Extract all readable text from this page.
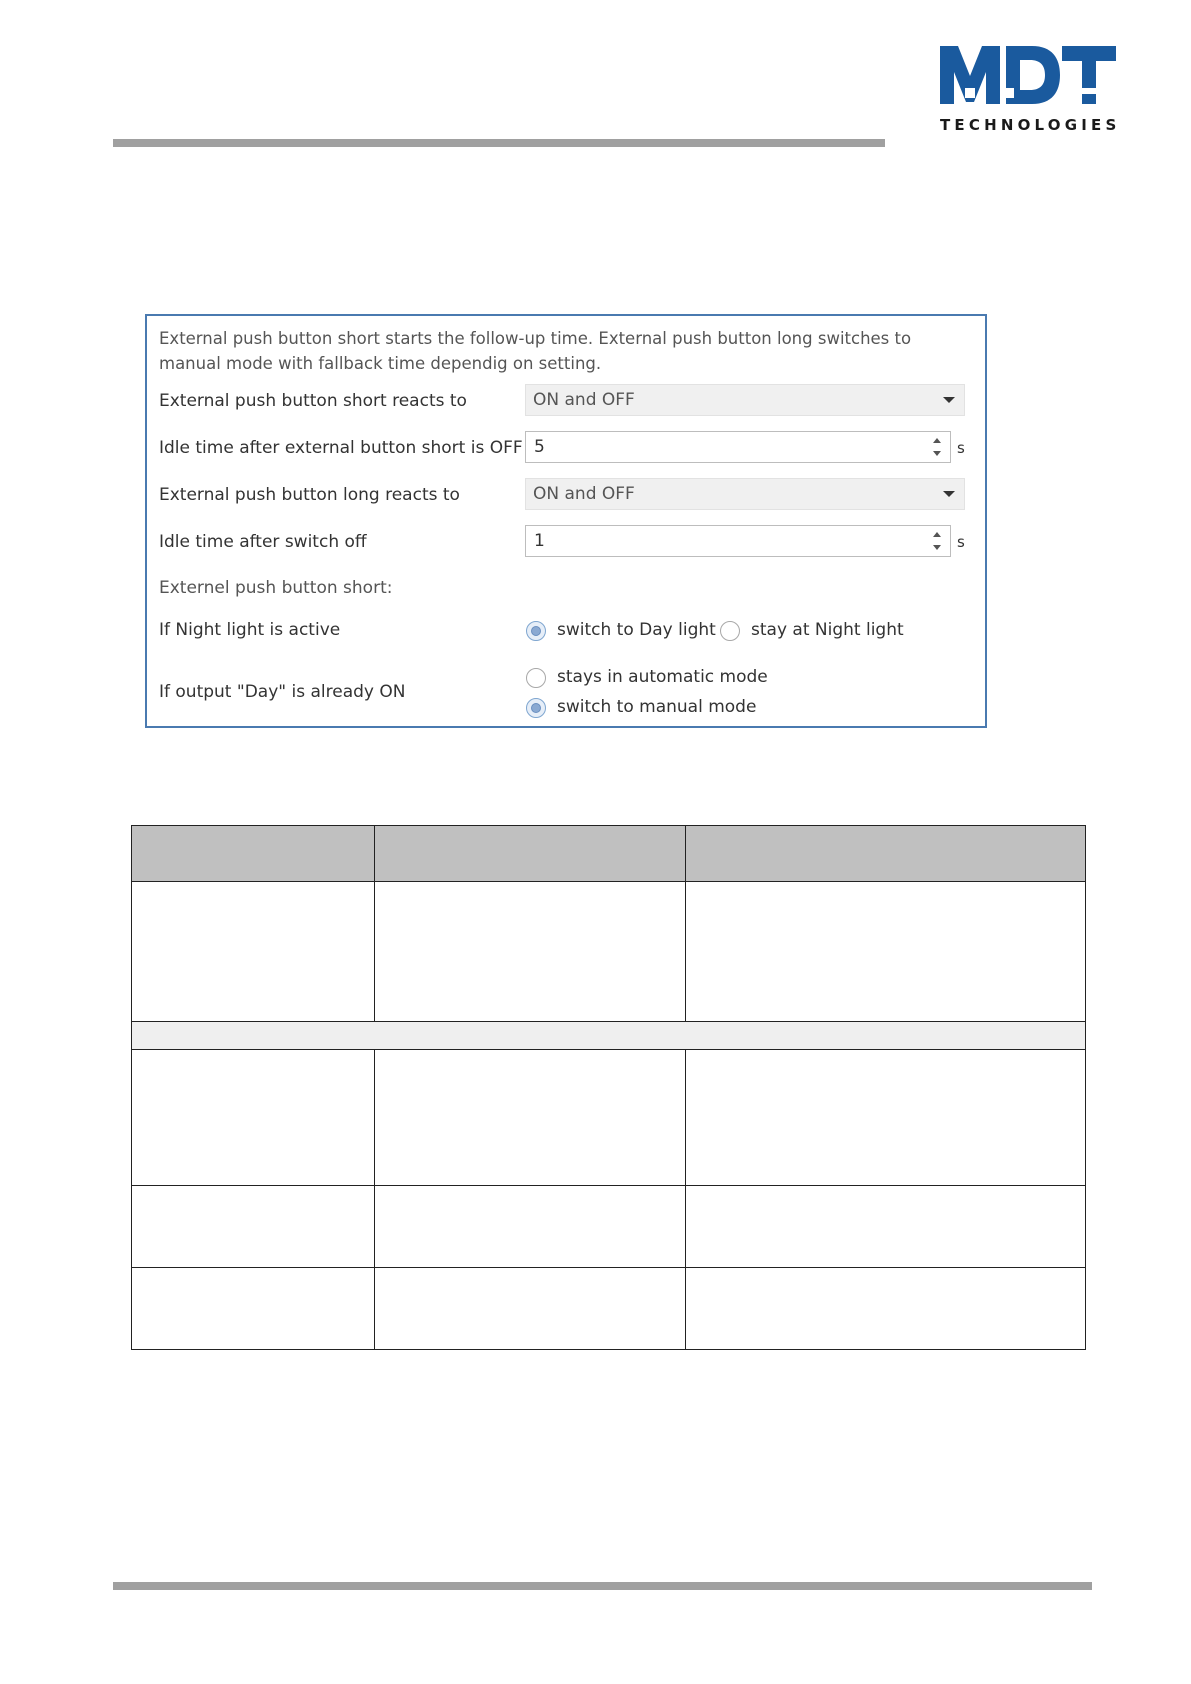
TECHNOLOGIES
External push button short starts the follow-up time. External push button long switches to manual mode with fallback time dependig on setting.
External push button short reacts to	ON and OFF
Idle time after external button short is OFF 5	s
External push button long reacts to	ON and OFF
Idle time after switch off	1	s
Externel push button short:
If Night light is active	switch to Day light stay at Night light
If output "Day" is already ON
stays in automatic mode
switch to manual mode
